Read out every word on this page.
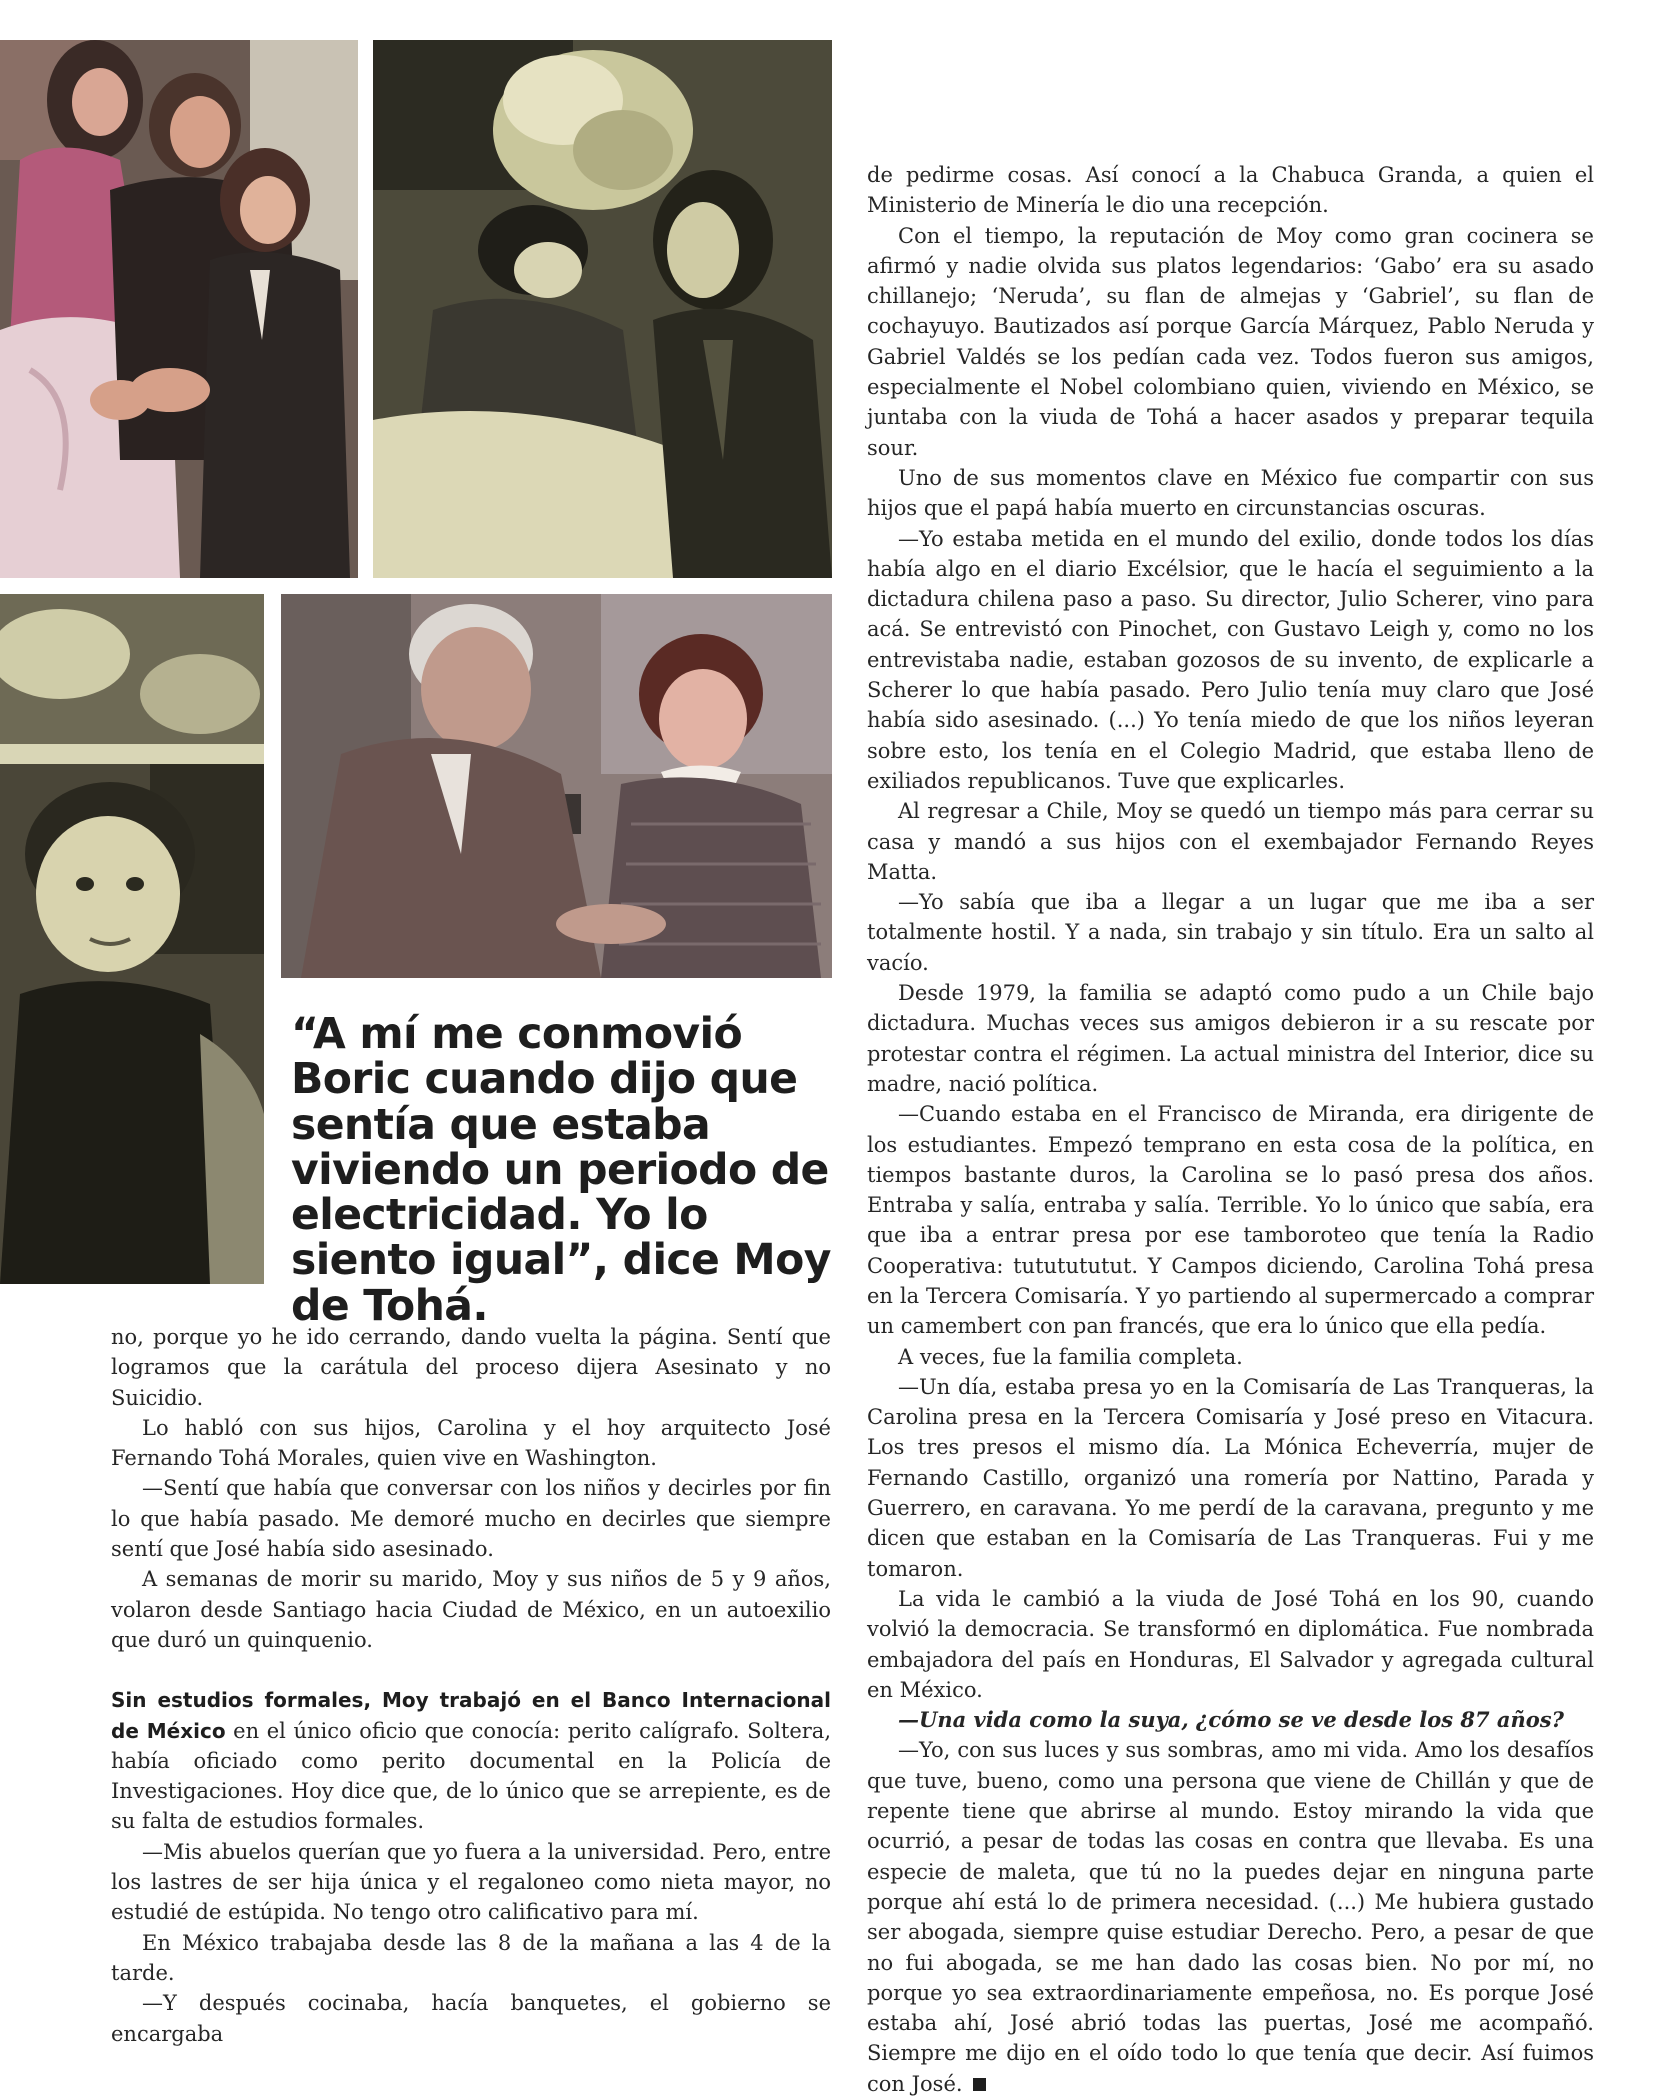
“A mí me conmovió Boric cuando dijo que sentía que estaba viviendo un periodo de electricidad. Yo lo siento igual”, dice Moy de Tohá.

no, porque yo he ido cerrando, dando vuelta la página. Sentí que logramos que la carátula del proceso dijera Asesinato y no Suicidio.

Lo habló con sus hijos, Carolina y el hoy arquitecto José Fernando Tohá Morales, quien vive en Washington.

—Sentí que había que conversar con los niños y decirles por fin lo que había pasado. Me demoré mucho en decirles que siempre sentí que José había sido asesinado.

A semanas de morir su marido, Moy y sus niños de 5 y 9 años, volaron desde Santiago hacia Ciudad de México, en un autoexilio que duró un quinquenio.

Sin estudios formales, Moy trabajó en el Banco Internacional de México en el único oficio que conocía: perito calígrafo. Soltera, había oficiado como perito documental en la Policía de Investigaciones. Hoy dice que, de lo único que se arrepiente, es de su falta de estudios formales.

—Mis abuelos querían que yo fuera a la universidad. Pero, entre los lastres de ser hija única y el regaloneo como nieta mayor, no estudié de estúpida. No tengo otro calificativo para mí.

En México trabajaba desde las 8 de la mañana a las 4 de la tarde.

—Y después cocinaba, hacía banquetes, el gobierno se encargaba

de pedirme cosas. Así conocí a la Chabuca Granda, a quien el Ministerio de Minería le dio una recepción.

Con el tiempo, la reputación de Moy como gran cocinera se afirmó y nadie olvida sus platos legendarios: ‘Gabo’ era su asado chillanejo; ‘Neruda’, su flan de almejas y ‘Gabriel’, su flan de cochayuyo. Bautizados así porque García Márquez, Pablo Neruda y Gabriel Valdés se los pedían cada vez. Todos fueron sus amigos, especialmente el Nobel colombiano quien, viviendo en México, se juntaba con la viuda de Tohá a hacer asados y preparar tequila sour.

Uno de sus momentos clave en México fue compartir con sus hijos que el papá había muerto en circunstancias oscuras.

—Yo estaba metida en el mundo del exilio, donde todos los días había algo en el diario Excélsior, que le hacía el seguimiento a la dictadura chilena paso a paso. Su director, Julio Scherer, vino para acá. Se entrevistó con Pinochet, con Gustavo Leigh y, como no los entrevistaba nadie, estaban gozosos de su invento, de explicarle a Scherer lo que había pasado. Pero Julio tenía muy claro que José había sido asesinado. (...) Yo tenía miedo de que los niños leyeran sobre esto, los tenía en el Colegio Madrid, que estaba lleno de exiliados republicanos. Tuve que explicarles.

Al regresar a Chile, Moy se quedó un tiempo más para cerrar su casa y mandó a sus hijos con el exembajador Fernando Reyes Matta.

—Yo sabía que iba a llegar a un lugar que me iba a ser totalmente hostil. Y a nada, sin trabajo y sin título. Era un salto al vacío.

Desde 1979, la familia se adaptó como pudo a un Chile bajo dictadura. Muchas veces sus amigos debieron ir a su rescate por protestar contra el régimen. La actual ministra del Interior, dice su madre, nació política.

—Cuando estaba en el Francisco de Miranda, era dirigente de los estudiantes. Empezó temprano en esta cosa de la política, en tiempos bastante duros, la Carolina se lo pasó presa dos años. Entraba y salía, entraba y salía. Terrible. Yo lo único que sabía, era que iba a entrar presa por ese tamboroteo que tenía la Radio Cooperativa: tututututut. Y Campos diciendo, Carolina Tohá presa en la Tercera Comisaría. Y yo partiendo al supermercado a comprar un camembert con pan francés, que era lo único que ella pedía.

A veces, fue la familia completa.

—Un día, estaba presa yo en la Comisaría de Las Tranqueras, la Carolina presa en la Tercera Comisaría y José preso en Vitacura. Los tres presos el mismo día. La Mónica Echeverría, mujer de Fernando Castillo, organizó una romería por Nattino, Parada y Guerrero, en caravana. Yo me perdí de la caravana, pregunto y me dicen que estaban en la Comisaría de Las Tranqueras. Fui y me tomaron.

La vida le cambió a la viuda de José Tohá en los 90, cuando volvió la democracia. Se transformó en diplomática. Fue nombrada embajadora del país en Honduras, El Salvador y agregada cultural en México.

—Una vida como la suya, ¿cómo se ve desde los 87 años?

—Yo, con sus luces y sus sombras, amo mi vida. Amo los desafíos que tuve, bueno, como una persona que viene de Chillán y que de repente tiene que abrirse al mundo. Estoy mirando la vida que ocurrió, a pesar de todas las cosas en contra que llevaba. Es una especie de maleta, que tú no la puedes dejar en ninguna parte porque ahí está lo de primera necesidad. (...) Me hubiera gustado ser abogada, siempre quise estudiar Derecho. Pero, a pesar de que no fui abogada, se me han dado las cosas bien. No por mí, no porque yo sea extraordinariamente empeñosa, no. Es porque José estaba ahí, José abrió todas las puertas, José me acompañó. Siempre me dijo en el oído todo lo que tenía que decir. Así fuimos con José.
